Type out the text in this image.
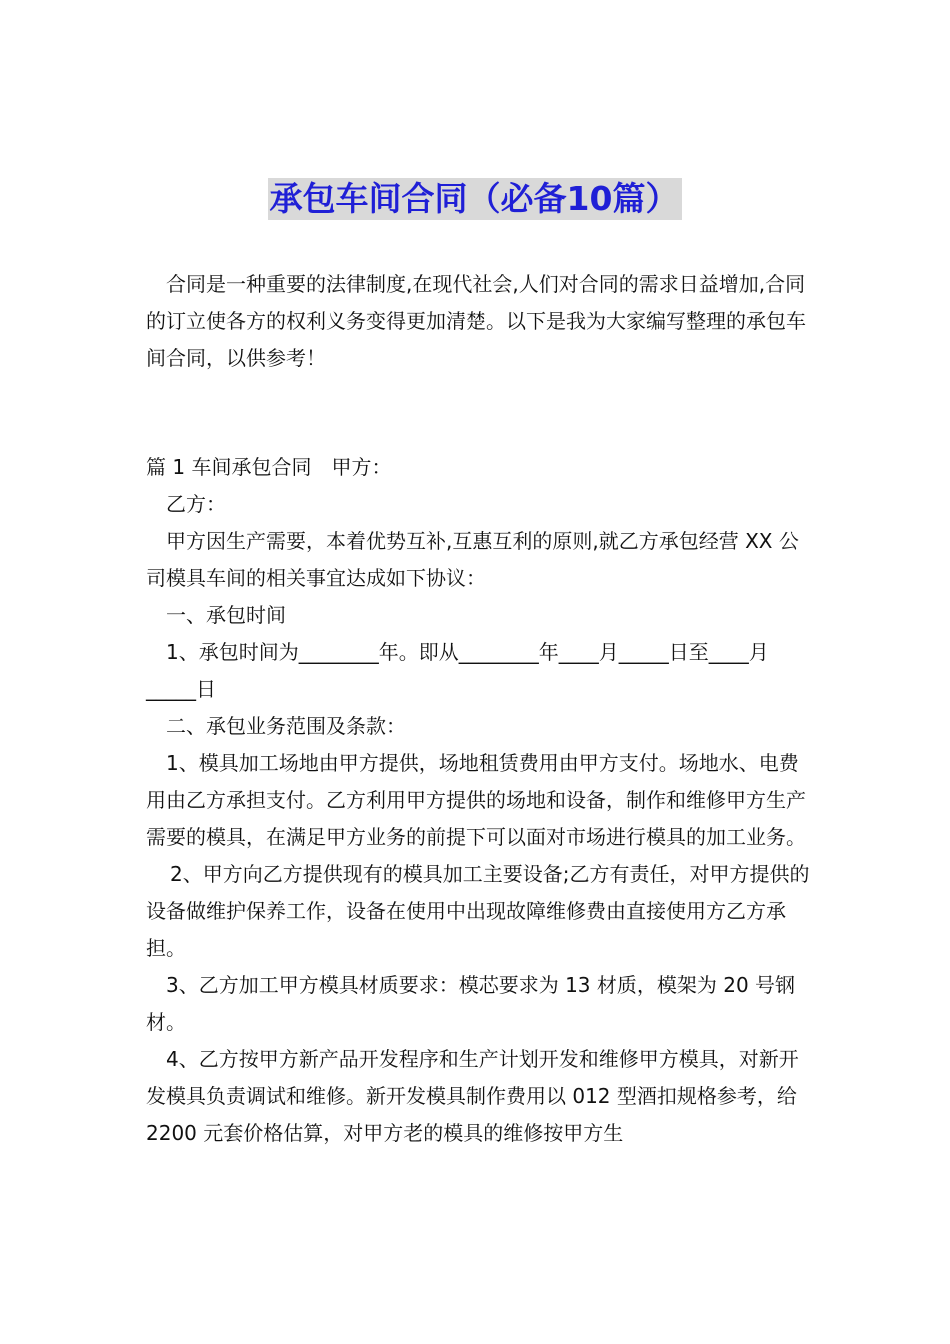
承包车间合同（必备10篇）

合同是一种重要的法律制度,在现代社会,人们对合同的需求日益增加,合同的订立使各方的权利义务变得更加清楚。以下是我为大家编写整理的承包车间合同，以供参考！

篇 1 车间承包合同　甲方：

乙方：

甲方因生产需要，本着优势互补,互惠互利的原则,就乙方承包经营 XX 公司模具车间的相关事宜达成如下协议：

一、承包时间

1、承包时间为________年。即从________年____月_____日至____月_____日

二、承包业务范围及条款：

1、模具加工场地由甲方提供，场地租赁费用由甲方支付。场地水、电费用由乙方承担支付。乙方利用甲方提供的场地和设备，制作和维修甲方生产需要的模具，在满足甲方业务的前提下可以面对市场进行模具的加工业务。

2、甲方向乙方提供现有的模具加工主要设备;乙方有责任，对甲方提供的设备做维护保养工作，设备在使用中出现故障维修费由直接使用方乙方承担。

3、乙方加工甲方模具材质要求：模芯要求为 13 材质，模架为 20 号钢材。

4、乙方按甲方新产品开发程序和生产计划开发和维修甲方模具，对新开发模具负责调试和维修。新开发模具制作费用以 012 型酒扣规格参考，给 2200 元套价格估算，对甲方老的模具的维修按甲方生
